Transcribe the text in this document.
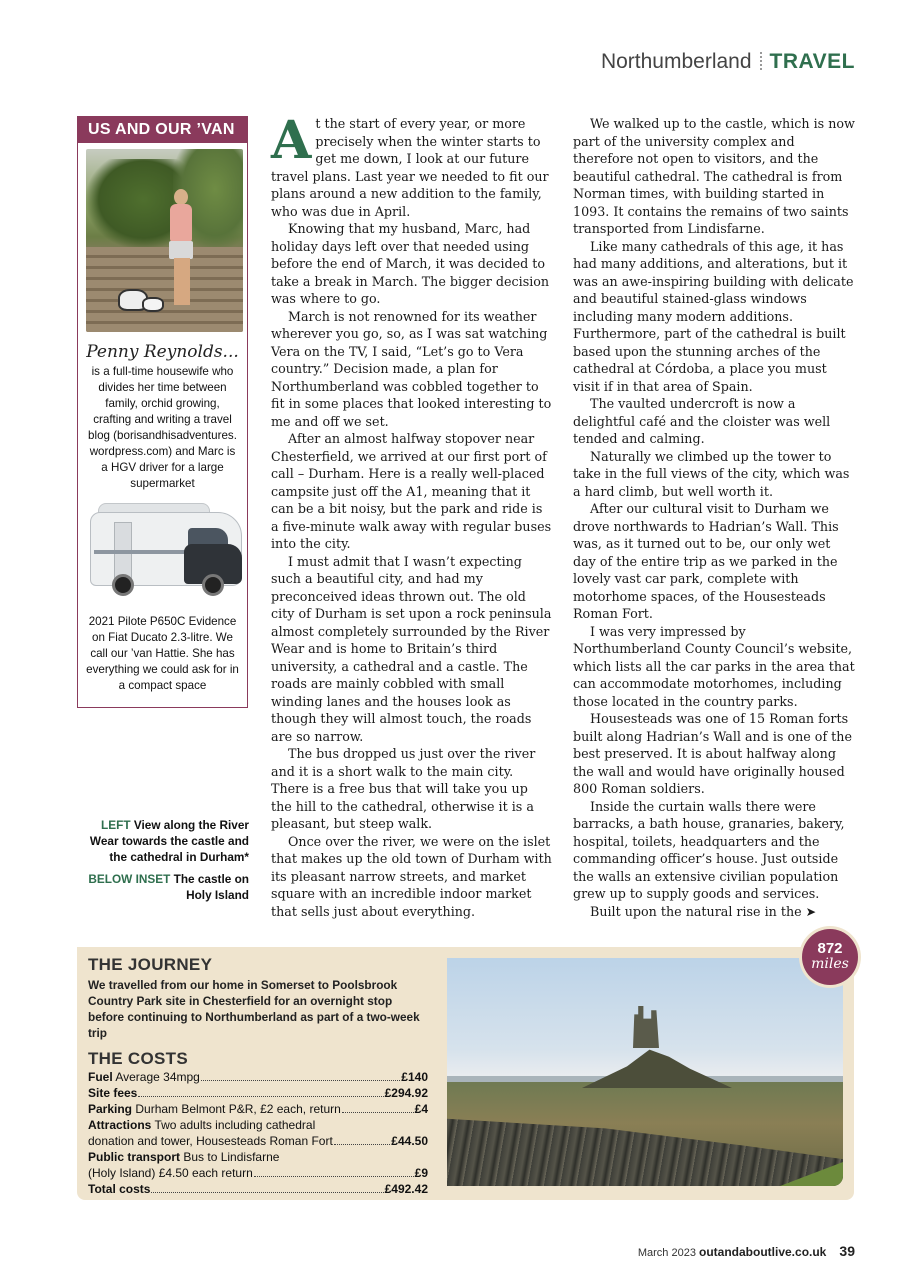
Northumberland TRAVEL
US AND OUR ’VAN
Penny Reynolds...
is a full-time housewife who divides her time between family, orchid growing, crafting and writing a travel blog (borisandhisadventures. wordpress.com) and Marc is a HGV driver for a large supermarket
2021 Pilote P650C Evidence on Fiat Ducato 2.3-litre. We call our ’van Hattie. She has everything we could ask for in a compact space

LEFT View along the River Wear towards the castle and the cathedral in Durham*

BELOW INSET The castle on Holy Island

A t the start of every year, or more precisely when the winter starts to get me down, I look at our future travel plans. Last year we needed to fit our plans around a new addition to the family, who was due in April.

Knowing that my husband, Marc, had holiday days left over that needed using before the end of March, it was decided to take a break in March. The bigger decision was where to go.

March is not renowned for its weather wherever you go, so, as I was sat watching Vera on the TV, I said, “Let’s go to Vera country.” Decision made, a plan for Northumberland was cobbled together to fit in some places that looked interesting to me and off we set.

After an almost halfway stopover near Chesterfield, we arrived at our first port of call – Durham. Here is a really well-placed campsite just off the A1, meaning that it can be a bit noisy, but the park and ride is a five-minute walk away with regular buses into the city.

I must admit that I wasn’t expecting such a beautiful city, and had my preconceived ideas thrown out. The old city of Durham is set upon a rock peninsula almost completely surrounded by the River Wear and is home to Britain’s third university, a cathedral and a castle. The roads are mainly cobbled with small winding lanes and the houses look as though they will almost touch, the roads are so narrow.

The bus dropped us just over the river and it is a short walk to the main city. There is a free bus that will take you up the hill to the cathedral, otherwise it is a pleasant, but steep walk.

Once over the river, we were on the islet that makes up the old town of Durham with its pleasant narrow streets, and market square with an incredible indoor market that sells just about everything.

We walked up to the castle, which is now part of the university complex and therefore not open to visitors, and the beautiful cathedral. The cathedral is from Norman times, with building started in 1093. It contains the remains of two saints transported from Lindisfarne.

Like many cathedrals of this age, it has had many additions, and alterations, but it was an awe-inspiring building with delicate and beautiful stained-glass windows including many modern additions. Furthermore, part of the cathedral is built based upon the stunning arches of the cathedral at Córdoba, a place you must visit if in that area of Spain.

The vaulted undercroft is now a delightful café and the cloister was well tended and calming.

Naturally we climbed up the tower to take in the full views of the city, which was a hard climb, but well worth it.

After our cultural visit to Durham we drove northwards to Hadrian’s Wall. This was, as it turned out to be, our only wet day of the entire trip as we parked in the lovely vast car park, complete with motorhome spaces, of the Housesteads Roman Fort.

I was very impressed by Northumberland County Council’s website, which lists all the car parks in the area that can accommodate motorhomes, including those located in the country parks.

Housesteads was one of 15 Roman forts built along Hadrian’s Wall and is one of the best preserved. It is about halfway along the wall and would have originally housed 800 Roman soldiers.

Inside the curtain walls there were barracks, a bath house, granaries, bakery, hospital, toilets, headquarters and the commanding officer’s house. Just outside the walls an extensive civilian population grew up to supply goods and services.

Built upon the natural rise in the ➤

THE JOURNEY
We travelled from our home in Somerset to Poolsbrook Country Park site in Chesterfield for an overnight stop before continuing to Northumberland as part of a two-week trip
THE COSTS
Fuel Average 34mpg	£140
Site fees	£294.92
Parking Durham Belmont P&R, £2 each, return	£4
Attractions Two adults including cathedral
donation and tower, Housesteads Roman Fort	£44.50
Public transport Bus to Lindisfarne
(Holy Island) £4.50 each return	£9
Total costs	£492.42
872
miles
March 2023 outandaboutlive.co.uk 39
